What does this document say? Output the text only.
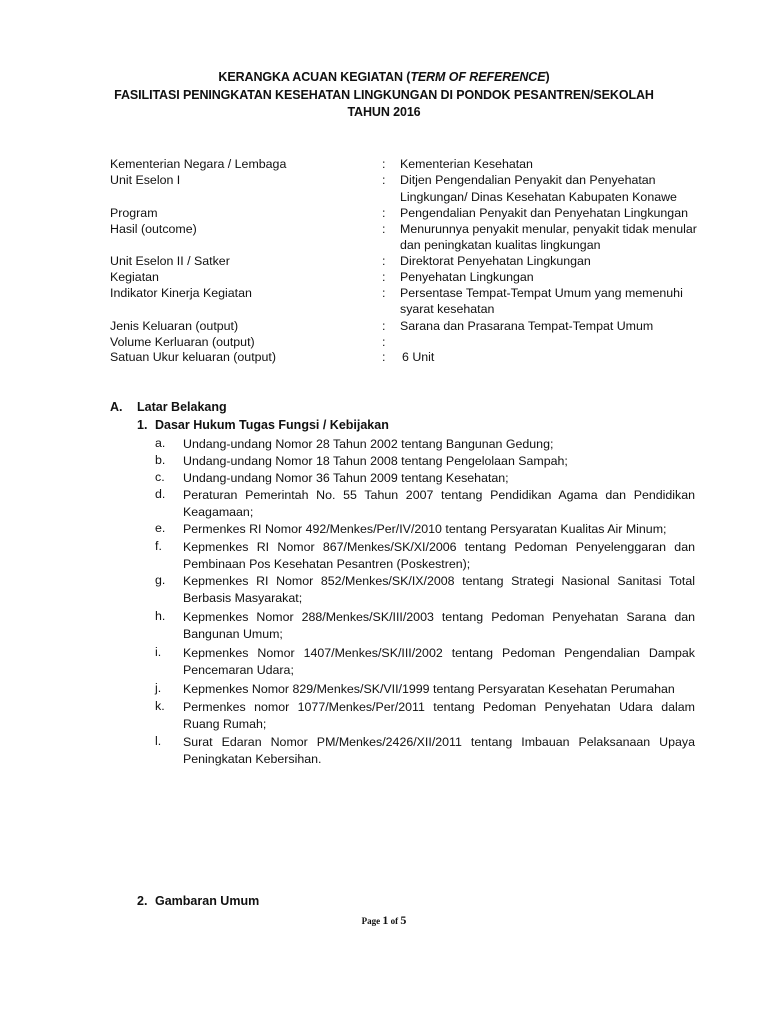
KERANGKA ACUAN KEGIATAN (TERM OF REFERENCE)
FASILITASI PENINGKATAN KESEHATAN LINGKUNGAN DI PONDOK PESANTREN/SEKOLAH
TAHUN 2016
Kementerian Negara / Lembaga	: Kementerian Kesehatan
Unit Eselon I	: Ditjen Pengendalian Penyakit dan Penyehatan
Lingkungan/ Dinas Kesehatan Kabupaten Konawe
Program	: Pengendalian Penyakit dan Penyehatan Lingkungan
Hasil (outcome)	: Menurunnya penyakit menular, penyakit tidak menular
dan peningkatan kualitas lingkungan
Unit Eselon II / Satker	: Direktorat Penyehatan Lingkungan
Kegiatan	: Penyehatan Lingkungan
Indikator Kinerja Kegiatan	: Persentase Tempat-Tempat Umum yang memenuhi
syarat kesehatan
Jenis Keluaran (output)	: Sarana dan Prasarana Tempat-Tempat Umum
Volume Kerluaran (output)	:
Satuan Ukur keluaran (output)	: 6 Unit
A. Latar Belakang
1. Dasar Hukum Tugas Fungsi / Kebijakan
a. Undang-undang Nomor 28 Tahun 2002 tentang Bangunan Gedung;
b. Undang-undang Nomor 18 Tahun 2008 tentang Pengelolaan Sampah;
c. Undang-undang Nomor 36 Tahun 2009 tentang Kesehatan;
d. Peraturan Pemerintah No. 55 Tahun 2007 tentang Pendidikan Agama dan Pendidikan Keagamaan;
e. Permenkes RI Nomor 492/Menkes/Per/IV/2010 tentang Persyaratan Kualitas Air Minum;
f. Kepmenkes RI Nomor 867/Menkes/SK/XI/2006 tentang Pedoman Penyelenggaran dan Pembinaan Pos Kesehatan Pesantren (Poskestren);
g. Kepmenkes RI Nomor 852/Menkes/SK/IX/2008 tentang Strategi Nasional Sanitasi Total Berbasis Masyarakat;
h. Kepmenkes Nomor 288/Menkes/SK/III/2003 tentang Pedoman Penyehatan Sarana dan Bangunan Umum;
i. Kepmenkes Nomor 1407/Menkes/SK/III/2002 tentang Pedoman Pengendalian Dampak Pencemaran Udara;
j. Kepmenkes Nomor 829/Menkes/SK/VII/1999 tentang Persyaratan Kesehatan Perumahan
k. Permenkes nomor 1077/Menkes/Per/2011 tentang Pedoman Penyehatan Udara dalam Ruang Rumah;
l. Surat Edaran Nomor PM/Menkes/2426/XII/2011 tentang Imbauan Pelaksanaan Upaya Peningkatan Kebersihan.
2. Gambaran Umum
Page 1 of 5
